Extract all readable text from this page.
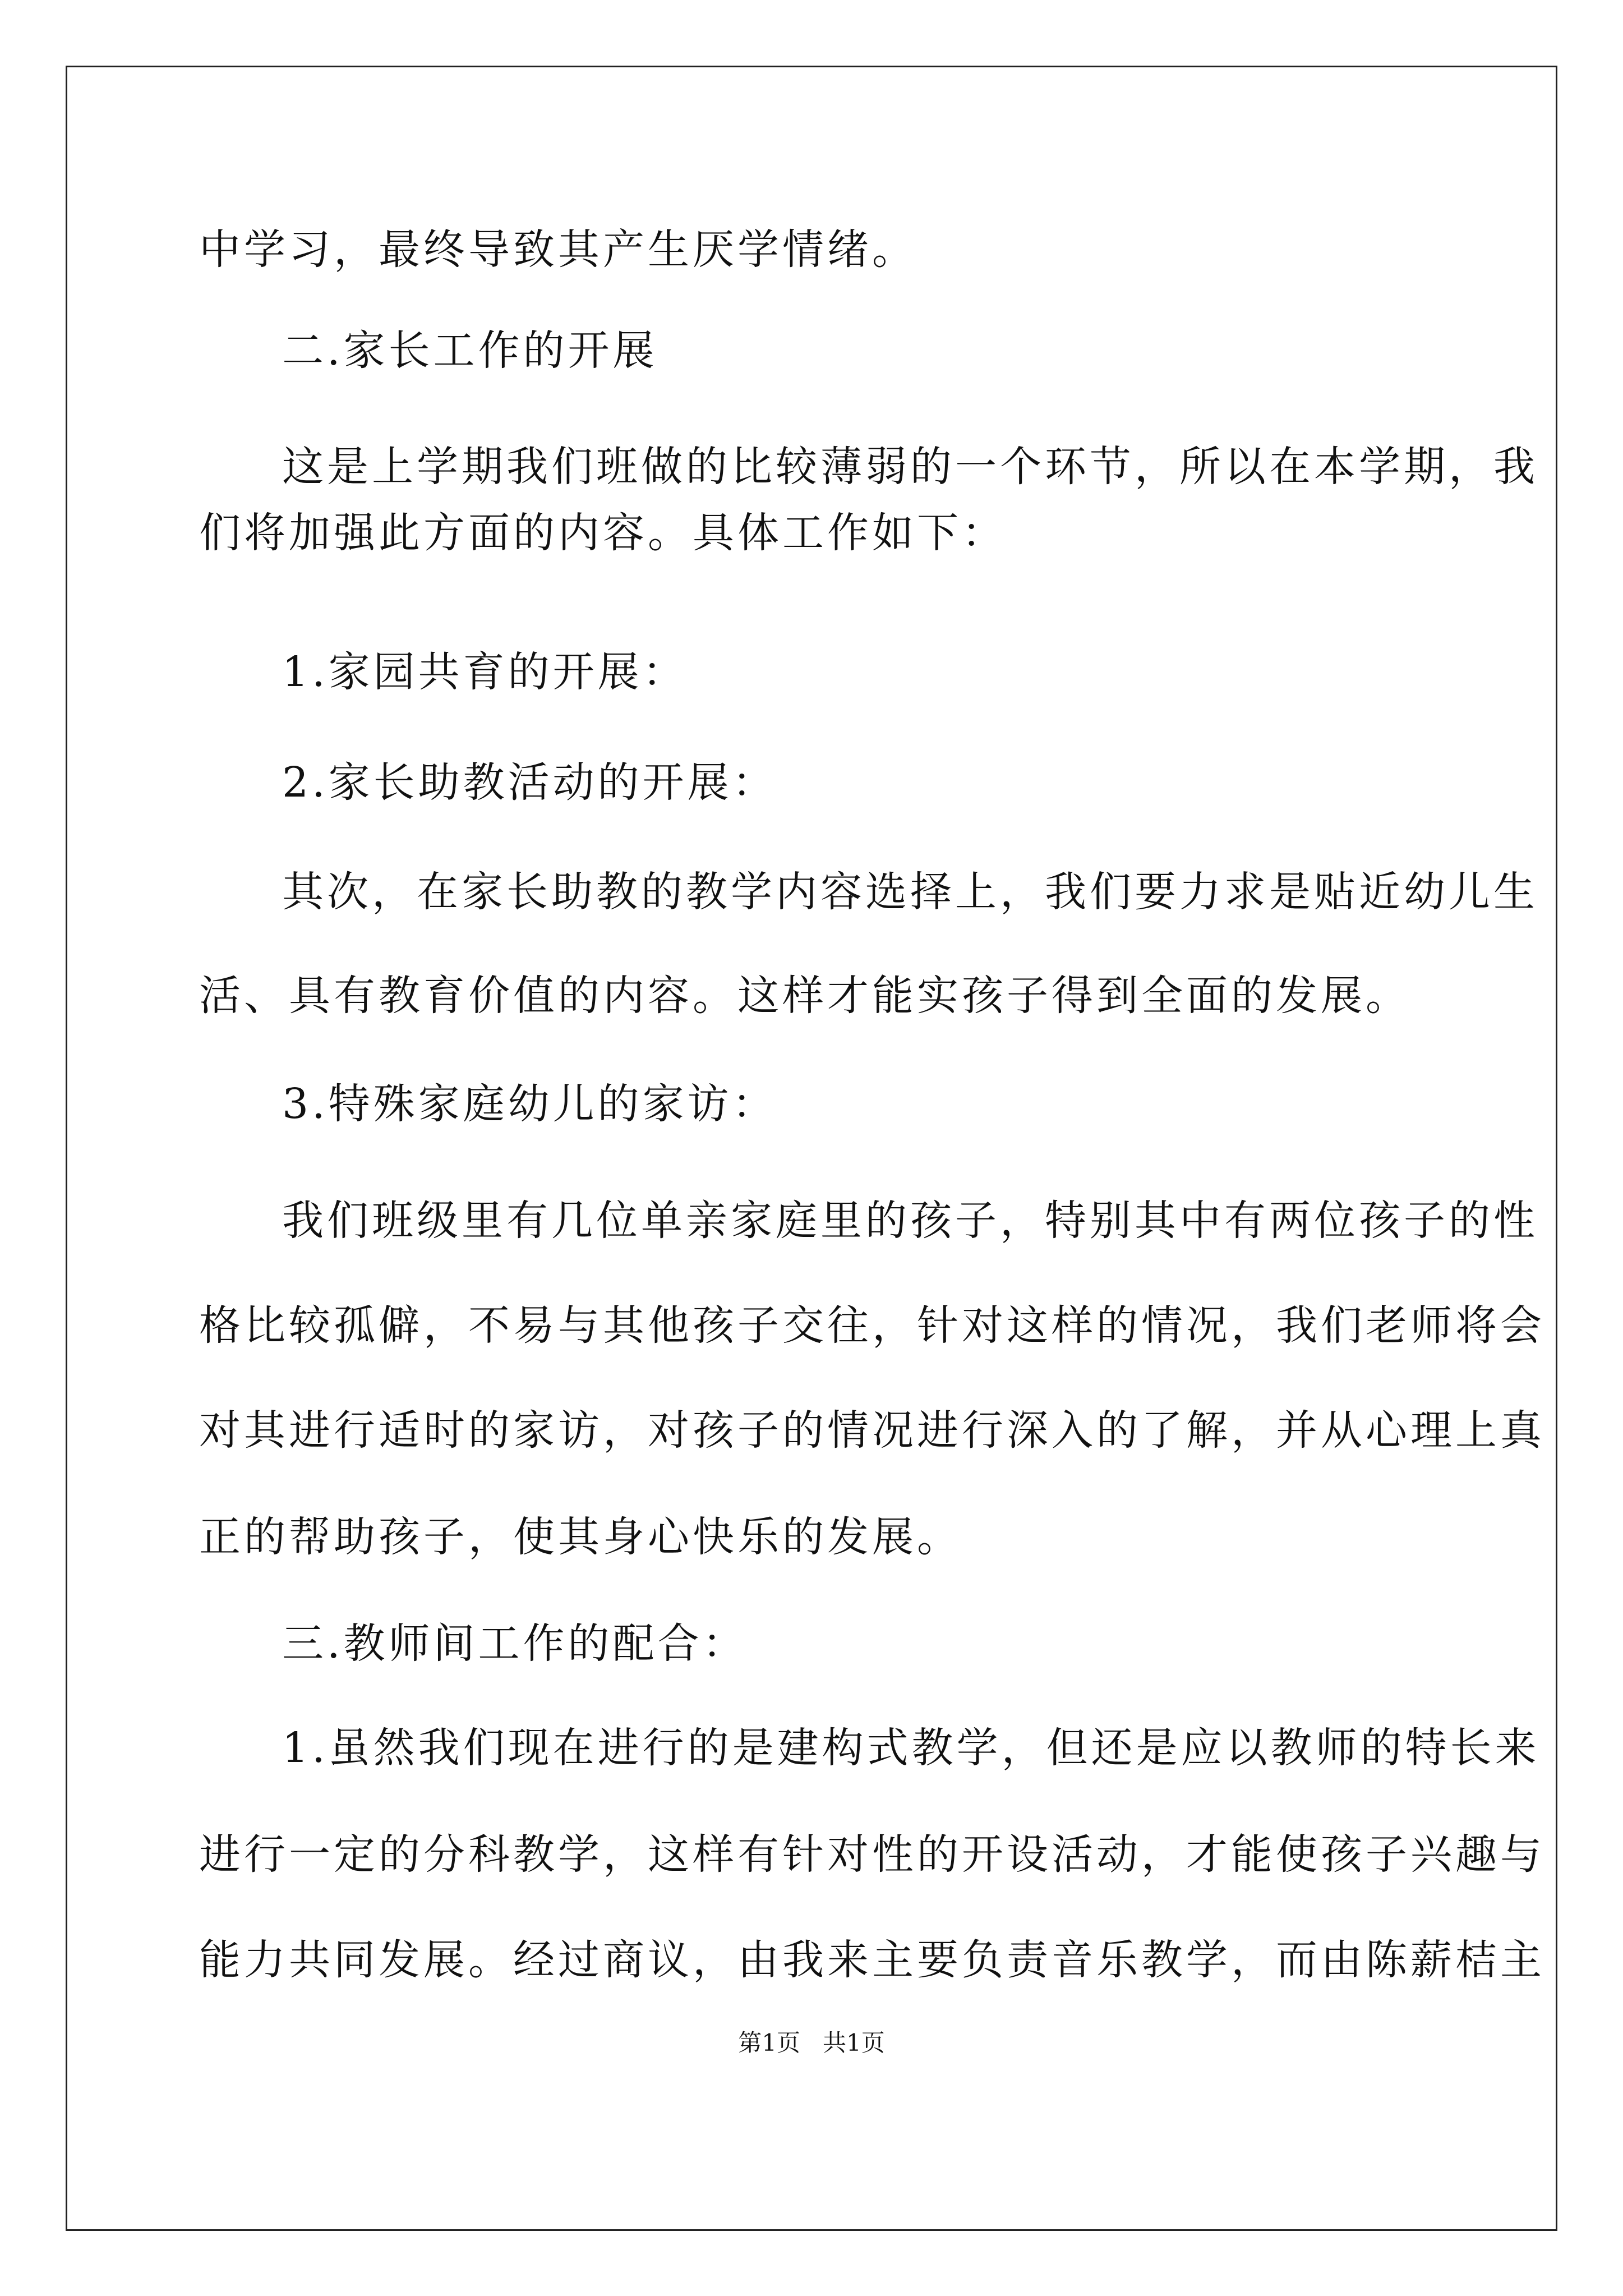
中学习，最终导致其产生厌学情绪。
二.家长工作的开展
这是上学期我们班做的比较薄弱的一个环节，所以在本学期，我
们将加强此方面的内容。具体工作如下：
1.家园共育的开展：
2.家长助教活动的开展：
其次，在家长助教的教学内容选择上，我们要力求是贴近幼儿生
活、具有教育价值的内容。这样才能实孩子得到全面的发展。
3.特殊家庭幼儿的家访：
我们班级里有几位单亲家庭里的孩子，特别其中有两位孩子的性
格比较孤僻，不易与其他孩子交往，针对这样的情况，我们老师将会
对其进行适时的家访，对孩子的情况进行深入的了解，并从心理上真
正的帮助孩子，使其身心快乐的发展。
三.教师间工作的配合：
1.虽然我们现在进行的是建构式教学，但还是应以教师的特长来
进行一定的分科教学，这样有针对性的开设活动，才能使孩子兴趣与
能力共同发展。经过商议，由我来主要负责音乐教学，而由陈薪桔主
第1页   共1页
